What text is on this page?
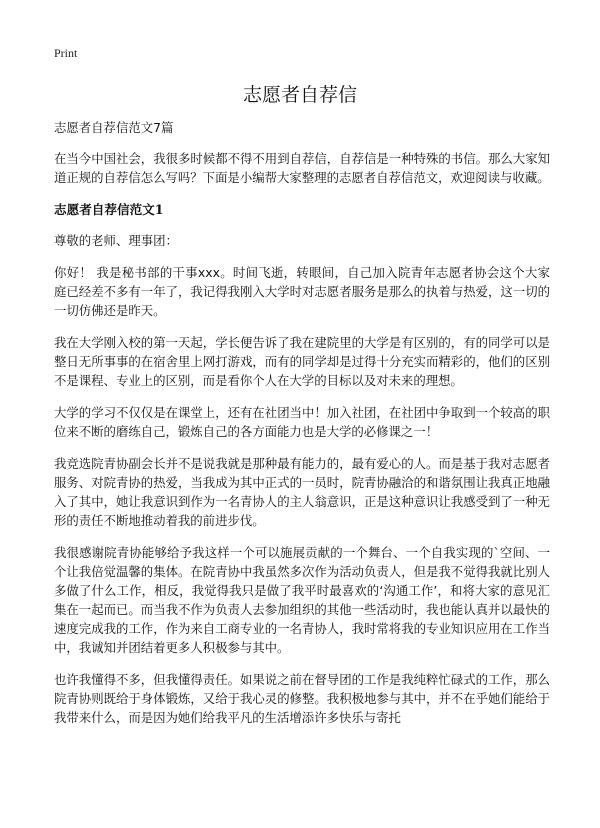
Print
志愿者自荐信

志愿者自荐信范文7篇

在当今中国社会，我很多时候都不得不用到自荐信，自荐信是一种特殊的书信。那么大家知道正规的自荐信怎么写吗？下面是小编帮大家整理的志愿者自荐信范文，欢迎阅读与收藏。

志愿者自荐信范文1

尊敬的老师、理事团：

你好！ 我是秘书部的干事xxx。时间飞逝，转眼间，自己加入院青年志愿者协会这个大家庭已经差不多有一年了，我记得我刚入大学时对志愿者服务是那么的执着与热爱，这一切的一切仿佛还是昨天。

我在大学刚入校的第一天起，学长便告诉了我在建院里的大学是有区别的，有的同学可以是整日无所事事的在宿舍里上网打游戏，而有的同学却是过得十分充实而精彩的，他们的区别不是课程、专业上的区别，而是看你个人在大学的目标以及对未来的理想。

大学的学习不仅仅是在课堂上，还有在社团当中！加入社团，在社团中争取到一个较高的职位来不断的磨练自己，锻炼自己的各方面能力也是大学的必修课之一！

我竞选院青协副会长并不是说我就是那种最有能力的，最有爱心的人。而是基于我对志愿者服务、对院青协的热爱，当我成为其中正式的一员时，院青协融洽的和谐氛围让我真正地融入了其中，她让我意识到作为一名青协人的主人翁意识，正是这种意识让我感受到了一种无形的责任不断地推动着我的前进步伐。

我很感谢院青协能够给予我这样一个可以施展贡献的一个舞台、一个自我实现的`空间、一个让我倍觉温馨的集体。在院青协中我虽然多次作为活动负责人，但是我不觉得我就比别人多做了什么工作，相反，我觉得我只是做了我平时最喜欢的‘沟通工作’，和将大家的意见汇集在一起而已。而当我不作为负责人去参加组织的其他一些活动时，我也能认真并以最快的速度完成我的工作，作为来自工商专业的一名青协人，我时常将我的专业知识应用在工作当中，我诚知并团结着更多人积极参与其中。

也许我懂得不多，但我懂得责任。如果说之前在督导团的工作是我纯粹忙碌式的工作，那么院青协则既给于身体锻炼，又给于我心灵的修整。我积极地参与其中，并不在乎她们能给于我带来什么，而是因为她们给我平凡的生活增添许多快乐与寄托
